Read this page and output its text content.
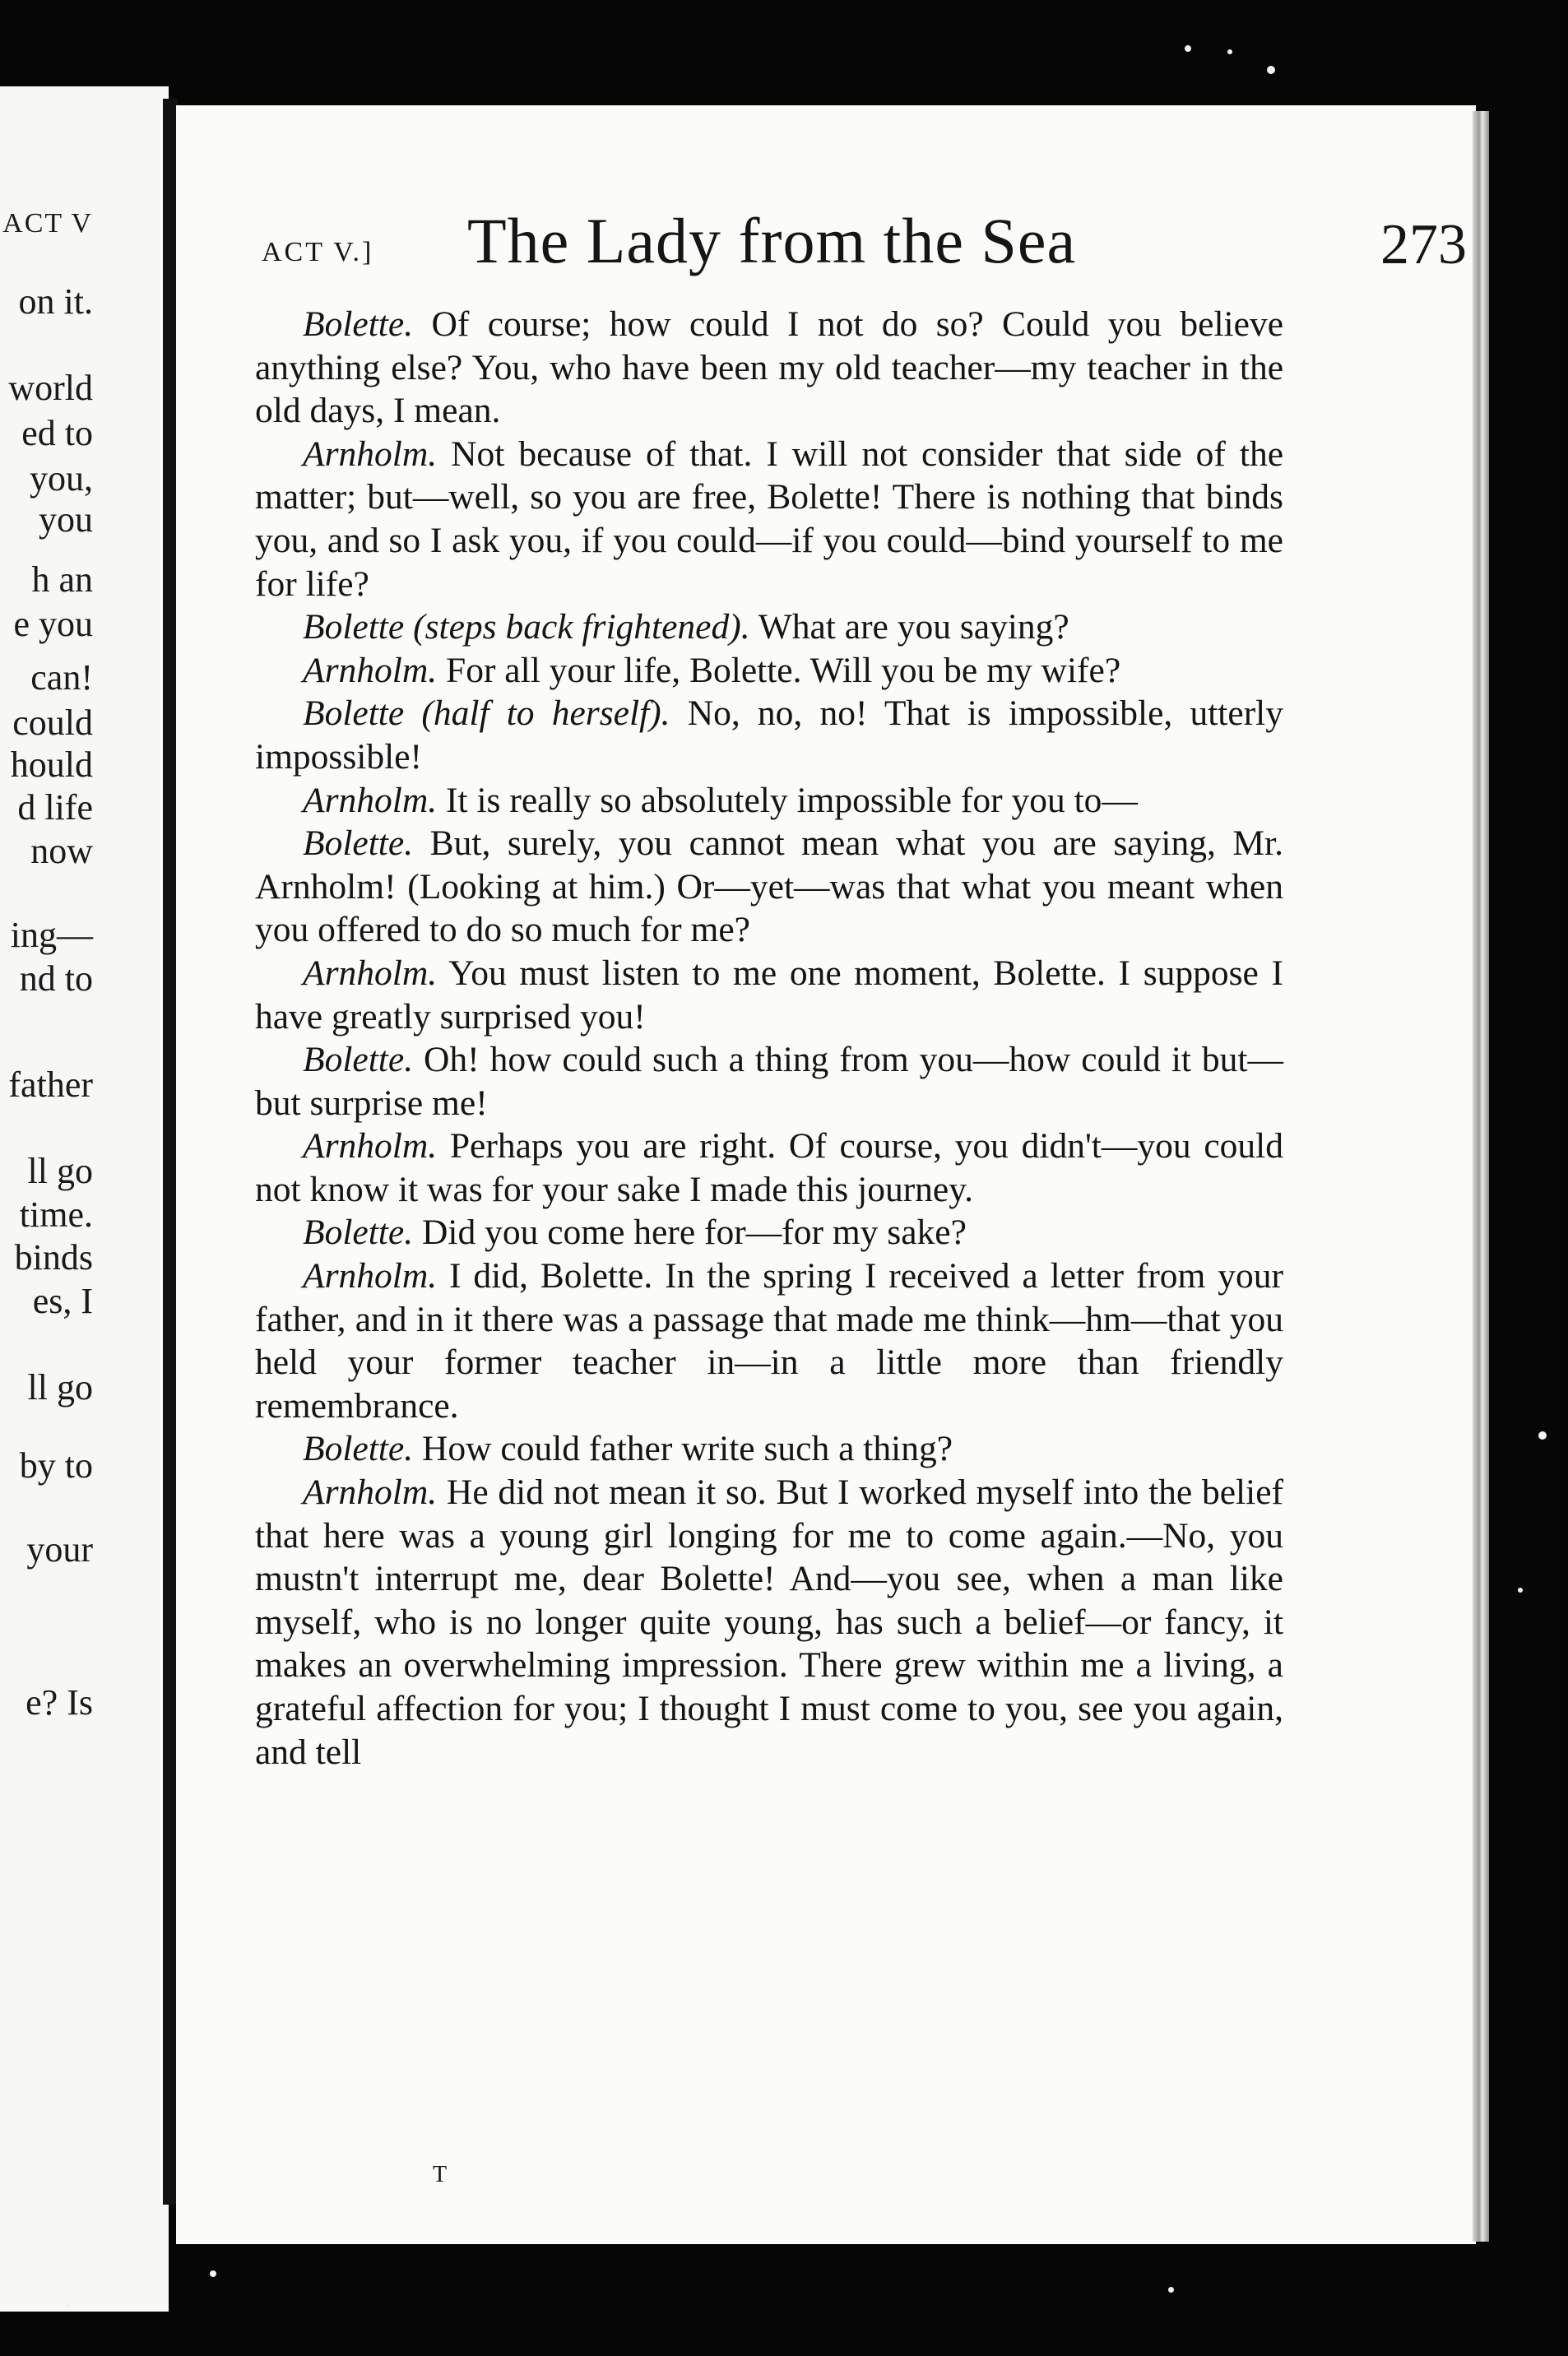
ACT V
on it.
world
ed to
you,
you
h an
e you
can!
could
hould
d life
now
ing—
nd to
father
ll go
time.
binds
es, I
ll go
by to
your
e? Is
ACT V.] The Lady from the Sea	273

Bolette. Of course; how could I not do so? Could you believe anything else? You, who have been my old teacher—my teacher in the old days, I mean.

Arnholm. Not because of that. I will not consider that side of the matter; but—well, so you are free, Bolette! There is nothing that binds you, and so I ask you, if you could—if you could—bind yourself to me for life?

Bolette (steps back frightened). What are you saying?

Arnholm. For all your life, Bolette. Will you be my wife?

Bolette (half to herself). No, no, no! That is impossible, utterly impossible!

Arnholm. It is really so absolutely impossible for you to—

Bolette. But, surely, you cannot mean what you are saying, Mr. Arnholm! (Looking at him.) Or—yet—was that what you meant when you offered to do so much for me?

Arnholm. You must listen to me one moment, Bolette. I suppose I have greatly surprised you!

Bolette. Oh! how could such a thing from you—how could it but—but surprise me!

Arnholm. Perhaps you are right. Of course, you didn't—you could not know it was for your sake I made this journey.

Bolette. Did you come here for—for my sake?

Arnholm. I did, Bolette. In the spring I received a letter from your father, and in it there was a passage that made me think—hm—that you held your former teacher in—in a little more than friendly remembrance.

Bolette. How could father write such a thing?

Arnholm. He did not mean it so. But I worked myself into the belief that here was a young girl longing for me to come again.—No, you mustn't interrupt me, dear Bolette! And—you see, when a man like myself, who is no longer quite young, has such a belief—or fancy, it makes an overwhelming impression. There grew within me a living, a grateful affection for you; I thought I must come to you, see you again, and tell

T
